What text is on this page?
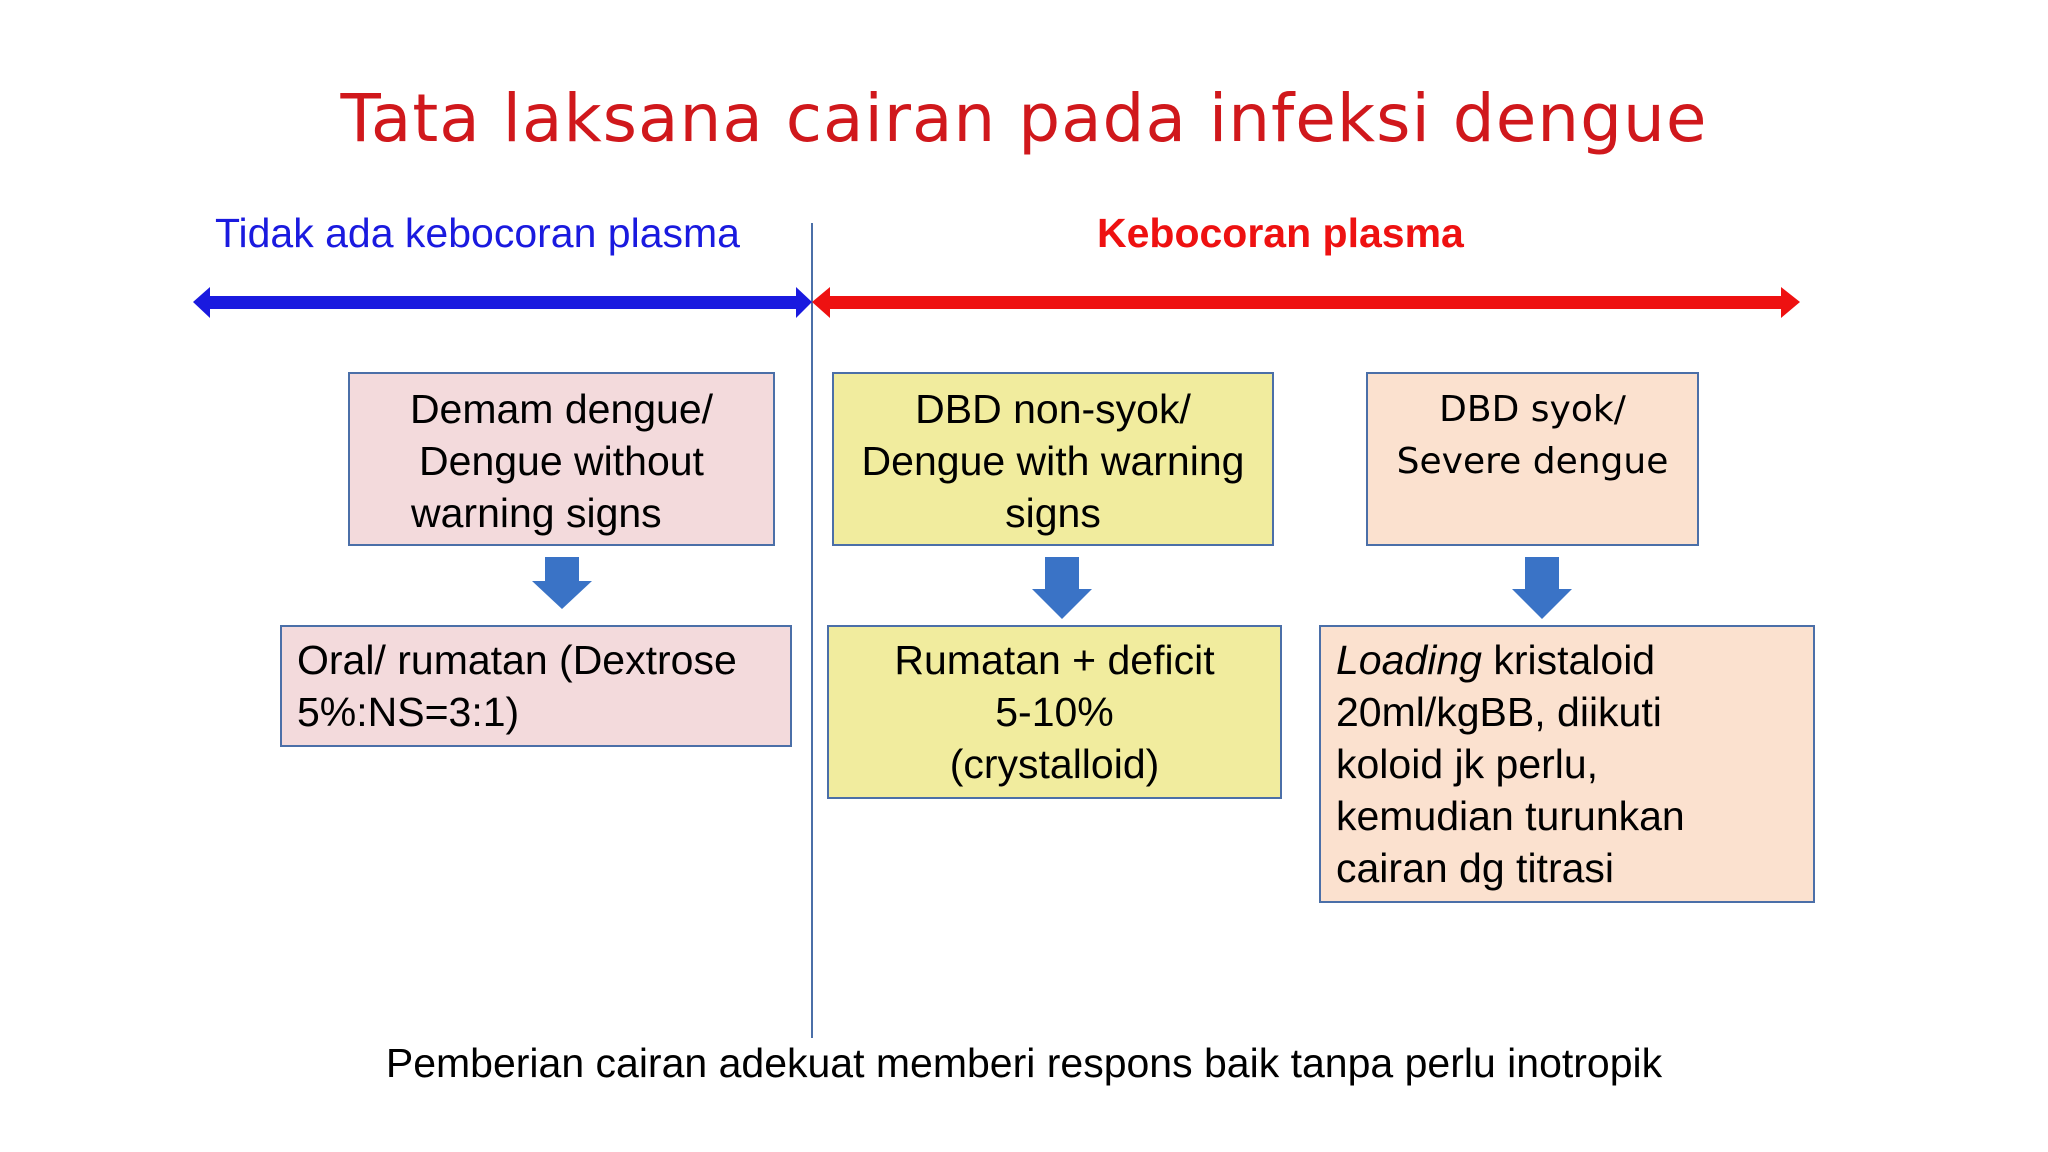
Tata laksana cairan pada infeksi dengue
Tidak ada kebocoran plasma	Kebocoran plasma
Demam dengue/
Dengue without
warning signs
DBD non-syok/
Dengue with warning
signs
DBD syok/
Severe dengue
Oral/ rumatan (Dextrose
5%:NS=3:1)
Rumatan + deficit
5-10%
(crystalloid)
Loading kristaloid
20ml/kgBB, diikuti
koloid jk perlu,
kemudian turunkan
cairan dg titrasi
Pemberian cairan adekuat memberi respons baik tanpa perlu inotropik
